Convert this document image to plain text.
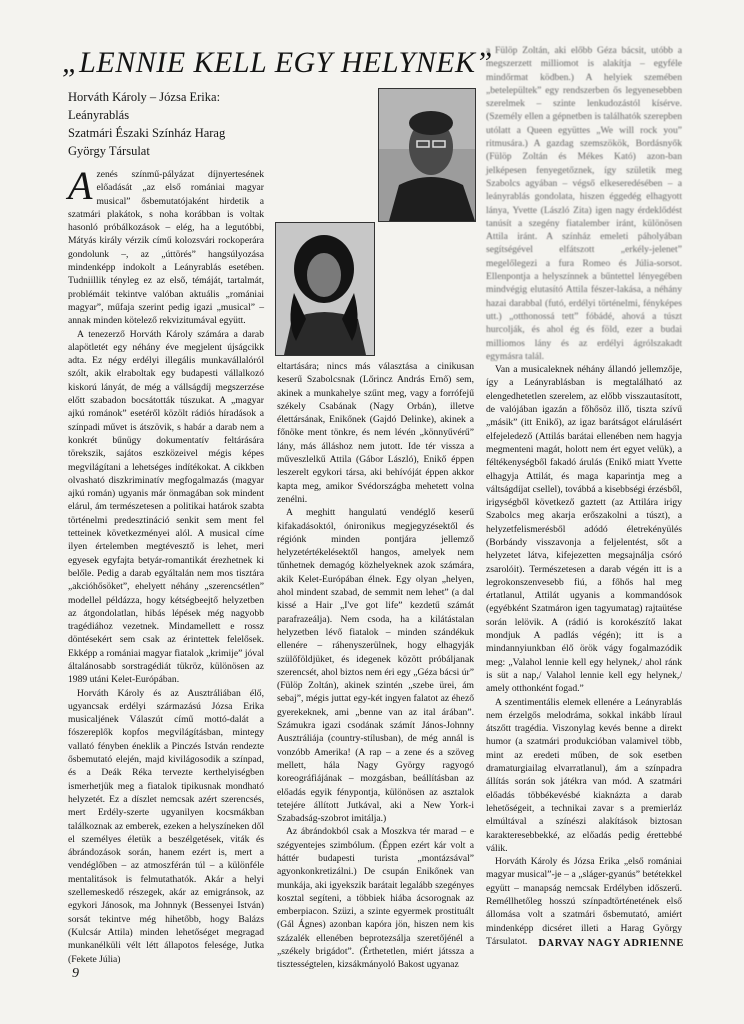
„LENNIE KELL EGY HELYNEK”
Horváth Károly – Józsa Erika:
Leányrablás
Szatmári Északi Színház Harag
György Társulat

Azenés színmű-pályázat díjnyertesének előadását „az első romániai magyar musical” ősbemutatójaként hirdetik a szatmári plakátok, s noha korábban is voltak hasonló próbálkozások – elég, ha a legutóbbi, Mátyás király vérzik című kolozsvári rockoperára gondolunk –, az „úttörés” hangsúlyozása mindenképp indokolt a Leányrablás esetében. Tudniillik tényleg ez az első, témáját, tartalmát, problémáit tekintve valóban aktuális „romániai magyar”, műfaja szerint pedig igazi „musical” – annak minden kötelező rekvizitumával együtt.

A tenezerző Horváth Károly számára a darab alapötletét egy néhány éve megjelent újságcikk adta. Ez négy erdélyi illegális munkavállalóról szólt, akik elraboltak egy budapesti vállalkozó kiskorú lányát, de még a vállságdíj megszerzése előtt szabadon bocsátották túszukat. A „magyar ajkú románok” esetéről közölt rádiós híradások a színpadi művet is átszövik, s habár a darab nem a konkrét bűnügy dokumentatív feltárására törekszik, sajátos eszközeivel mégis képes megvilágítani a lehetséges indítékokat. A cikkben olvasható diszkriminatív megfogalmazás (magyar ajkú román) ugyanis már önmagában sok mindent elárul, ám természetesen a politikai határok szabta történelmi predesztináció senkit sem ment fel tetteinek következményei alól. A musical címe ilyen értelemben megtévesztő is lehet, meri egyesek egyfajta betyár-romantikát érezhetnek ki belőle. Pedig a darab egyáltalán nem mos tisztára „akcióhősöket”, ehelyett néhány „szerencsétlen” modellel példázza, hogy kétségbeejtő helyzetben az átgondolatlan, hibás lépések még nagyobb tragédiához vezetnek. Mindamellett e rossz döntésekért sem csak az érintettek felelősek. Ekképp a romániai magyar fiatalok „krimije” jóval általánosabb sorstragédiát tükröz, különösen az 1989 utáni Kelet-Európában.

Horváth Károly és az Ausztráliában élő, ugyancsak erdélyi származású Józsa Erika musicaljének Válaszút című mottó-dalát a fószereplők kopfos megvilágításban, mintegy vallató fényben éneklik a Pinczés István rendezte ősbemutató elején, majd kivilágosodik a színpad, és a Deák Réka tervezte kerthelyiségben ismerhetjük meg a fiatalok tipikusnak mondható helyzetét. Ez a díszlet nemcsak azért szerencsés, mert Erdély-szerte ugyanilyen kocsmákban találkoznak az emberek, ezeken a helyszíneken dől el személyes életük a beszélgetések, viták és ábrándozások során, hanem ezért is, mert a vendéglőben – az atmoszférán túl – a különféle mentalitások is felmutathatók. Akár a helyi szellemeskedő részegek, akár az emigránsok, az egykori Jánosok, ma Johnnyk (Bessenyei István) sorsát tekintve még hihetőbb, hogy Balázs (Kulcsár Attila) minden lehetőséget megragad munkanélküli vélt létt állapotos felesége, Jutka (Fekete Júlia)

eltartására; nincs más választása a cinikusan keserű Szabolcsnak (Lőrincz András Ernő) sem, akinek a munkahelye szűnt meg, vagy a forrófejű székely Csabának (Nagy Orbán), illetve élettársának, Enikőnek (Gajdó Delinke), akinek a főnöke ment tönkre, és nem lévén „könnyűvérű” lány, más álláshoz nem jutott. Ide tér vissza a műveszlelkű Attila (Gábor László), Enikő éppen leszerelt egykori társa, aki behívóját éppen akkor kapta meg, amikor Svédországba mehetett volna zenélni.

A meghitt hangulatú vendéglő keserű kifakadásoktól, ónironikus megjegyzésektől és régiónk minden pontjára jellemző helyzetértékelésektől hangos, amelyek nem tűnhetnek demagóg közhelyeknek azok számára, akik Kelet-Európában élnek. Egy olyan „helyen, ahol mindent szabad, de semmit nem lehet” (a dal kissé a Hair „I've got life” kezdetű számát parafrazeálja). Nem csoda, ha a kilátástalan helyzetben lévő fiatalok – minden szándékuk ellenére – ráhenyszerülnek, hogy elhagyják szülőföldjüket, és idegenek között próbáljanak szerencsét, ahol biztos nem éri egy „Géza bácsi úr” (Fülöp Zoltán), akinek szintén „szebe ürei, ám sebaj”, mégis juttat egy-két ingyen falatot az éhező gyerekeknek, ami „benne van az ital árában”. Számukra igazi csodának számít János-Johnny Ausztráliája (country-stílusban), de még annál is vonzóbb Amerika! (A rap – a zene és a szöveg mellett, hála Nagy György ragyogó koreográfiájának – mozgásban, beállításban az előadás egyik fénypontja, különösen az asztalok tetejére állított Jutkával, aki a New York-i Szabadság-szobrot imitálja.)

Az ábrándokból csak a Moszkva tér marad – e szégyentejes szimbólum. (Éppen ezért kár volt a háttér budapesti turista „montázsával” agyonkonkretizálni.) De csupán Enikőnek van munkája, aki igyekszik barátait legalább szegényes kosztal segíteni, a többiek hiába ácsorognak az emberpiacon. Szüzi, a szinte egyermek prostituált (Gál Ágnes) azonban kapóra jön, hiszen nem kis százalék ellenében beprotezsálja szeretőjénél a „székely brigádot”. (Érthetetlen, miért játssza a tisztességtelen, kizsákmányoló Bakost ugyanaz

a Fülöp Zoltán, aki előbb Géza bácsit, utóbb a megszerzett milliomot is alakítja – egyféle mindőrmat ködben.) A helyiek szemében „betelepültek” egy rendszerben ős legyenesebben szerelmek – szinte lenkudozástól kísérve. (Személy ellen a gépnetben is találhatók szerepben utólatt a Queen együttes „We will rock you” ritmusára.) A gazdag szemszökök, Bordásnyők (Fülöp Zoltán és Mékes Kató) azon-ban jelképesen fenyegetőznek, így születik meg Szabolcs agyában – végső elkeseredésében – a leányrablás gondolata, hiszen éggedég elhagyott lánya, Yvette (László Zita) igen nagy érdeklődést tanúsít a szegény fiatalember iránt, különösen Attila iránt. A színház emeleti páholyában segítségével elfátszott „erkély-jelenet” megelőlegezi a fura Romeo és Júlia-sorsot. Ellenpontja a helyszínnek a bűntettel lényegében mindvégig elutasító Attila fészer-lakása, a néhány hazai darabbal (futó, erdélyi történelmi, fényképes utt.) „otthonossá tett” fóbádé, ahová a túszt hurcolják, és ahol ég és föld, ezer a budai milliomos lány és az erdélyi ágrólszakadt egymásra talál.

Van a musicaleknek néhány állandó jellemzője, így a Leányrablásban is megtalálható az elengedhetetlen szerelem, az előbb visszautasított, de valójában igazán a főhősöz illő, tiszta szívű „másik” (itt Enikő), az igaz barátságot elárulásért elfejeledező (Attilás barátai ellenében nem hagyja megmenteni magát, holott nem ért egyet velük), a féltékenységből fakadó árulás (Enikő miatt Yvette elhagyja Attilát, és maga kaparintja meg a váltságdíjat csellel), továbbá a kisebbségi érzésből, irigységből következő gaztett (az Attilára irigy Szabolcs meg akarja erőszakolni a túszt), a helyzetfelismerésből adódó életrekényülés (Borbándy visszavonja a feljelentést, sőt a helyzetet látva, kifejezetten megsajnálja csóró zsarolóit). Természetesen a darab végén itt is a legrokonszenvesebb fiú, a főhős hal meg értatlanul, Attilát ugyanis a kommandósok (egyébként Szatmáron igen tagyumatag) rajtaütése során lelövik. A (rádió is korokészítő lakat mondjuk A padlás végén); itt is a mindannyiunkban élő örök vágy fogalmazódik meg: „Valahol lennie kell egy helynek,/ ahol ránk is süt a nap,/ Valahol lennie kell egy helynek,/ amely otthonként fogad.”

A szentimentális elemek ellenére a Leányrablás nem érzelgős melodráma, sokkal inkább líraul átszőtt tragédia. Viszonylag kevés benne a direkt humor (a szatmári produkcióban valamivel több, mint az eredeti műben, de sok esetben dramaturgiailag elvarratlanul), ám a színpadra állítás során sok játékra van mód. A szatmári előadás többékevésbé kiaknázta a darab lehetőségeit, a technikai zavar s a premierláz elmúltával a színészi alakítások biztosan karakteresebbekké, az előadás pedig érettebbé válik.

Horváth Károly és Józsa Erika „első romániai magyar musical”-je – a „sláger-gyanús” betétekkel együtt – manapság nemcsak Erdélyben időszerű. Reméllhetőleg hosszú színpadtörténetének első állomása volt a szatmári ősbemutató, amiért mindenképp dicséret illeti a Harag György Társulatot.	DARVAY NAGY ADRIENNE
9
